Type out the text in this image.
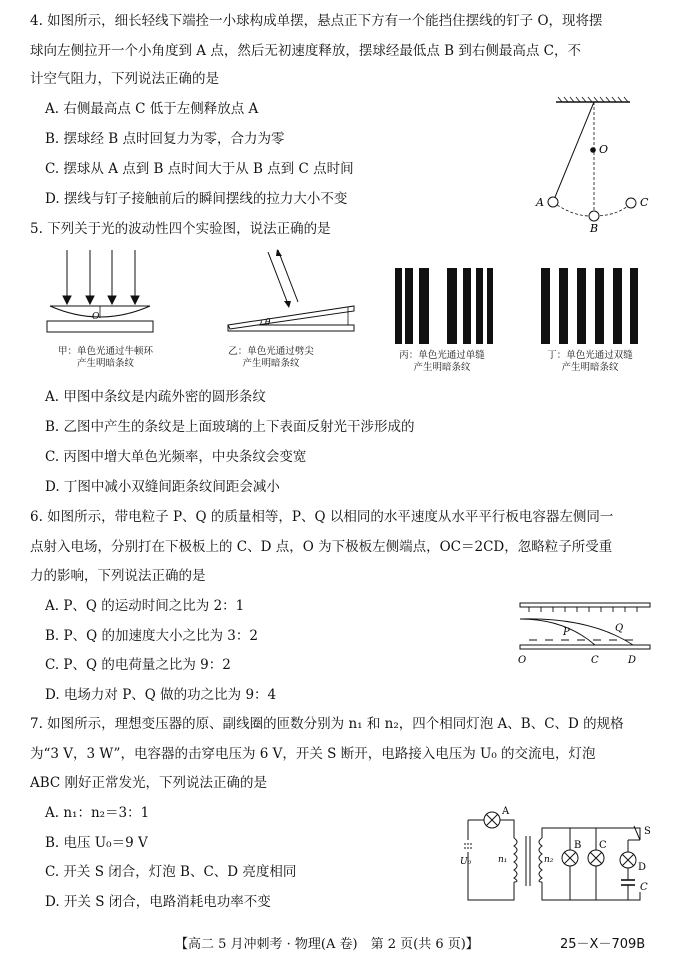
4. 如图所示，细长轻线下端拴一小球构成单摆，悬点正下方有一个能挡住摆线的钉子 O，现将摆
球向左侧拉开一个小角度到 A 点，然后无初速度释放，摆球经最低点 B 到右侧最高点 C，不
计空气阻力，下列说法正确的是
A. 右侧最高点 C 低于左侧释放点 A
B. 摆球经 B 点时回复力为零，合力为零
C. 摆球从 A 点到 B 点时间大于从 B 点到 C 点时间
D. 摆线与钉子接触前后的瞬间摆线的拉力大小不变
O
A
B
C
5. 下列关于光的波动性四个实验图，说法正确的是
O
甲：单色光通过牛顿环
产生明暗条纹
θ
乙：单色光通过劈尖
产生明暗条纹
丙：单色光通过单缝
产生明暗条纹
丁：单色光通过双缝
产生明暗条纹
A. 甲图中条纹是内疏外密的圆形条纹
B. 乙图中产生的条纹是上面玻璃的上下表面反射光干涉形成的
C. 丙图中增大单色光频率，中央条纹会变宽
D. 丁图中减小双缝间距条纹间距会减小
6. 如图所示，带电粒子 P、Q 的质量相等，P、Q 以相同的水平速度从水平平行板电容器左侧同一
点射入电场，分别打在下极板上的 C、D 点，O 为下极板左侧端点，OC＝2CD，忽略粒子所受重
力的影响，下列说法正确的是
A. P、Q 的运动时间之比为 2：1
B. P、Q 的加速度大小之比为 3：2
C. P、Q 的电荷量之比为 9：2
D. 电场力对 P、Q 做的功之比为 9：4
P	Q
O	C	D
7. 如图所示，理想变压器的原、副线圈的匝数分别为 n₁ 和 n₂，四个相同灯泡 A、B、C、D 的规格
为“3 V，3 W”，电容器的击穿电压为 6 V，开关 S 断开，电路接入电压为 U₀ 的交流电，灯泡
ABC 刚好正常发光，下列说法正确的是
A. n₁：n₂＝3：1
B. 电压 U₀＝9 V
C. 开关 S 闭合，灯泡 B、C、D 亮度相同
D. 开关 S 闭合，电路消耗电功率不变
A
B C
D
S
C
U₀	n₁	n₂
【高二 5 月冲刺考 · 物理(A 卷)　第 2 页(共 6 页)】	25－X－709B
